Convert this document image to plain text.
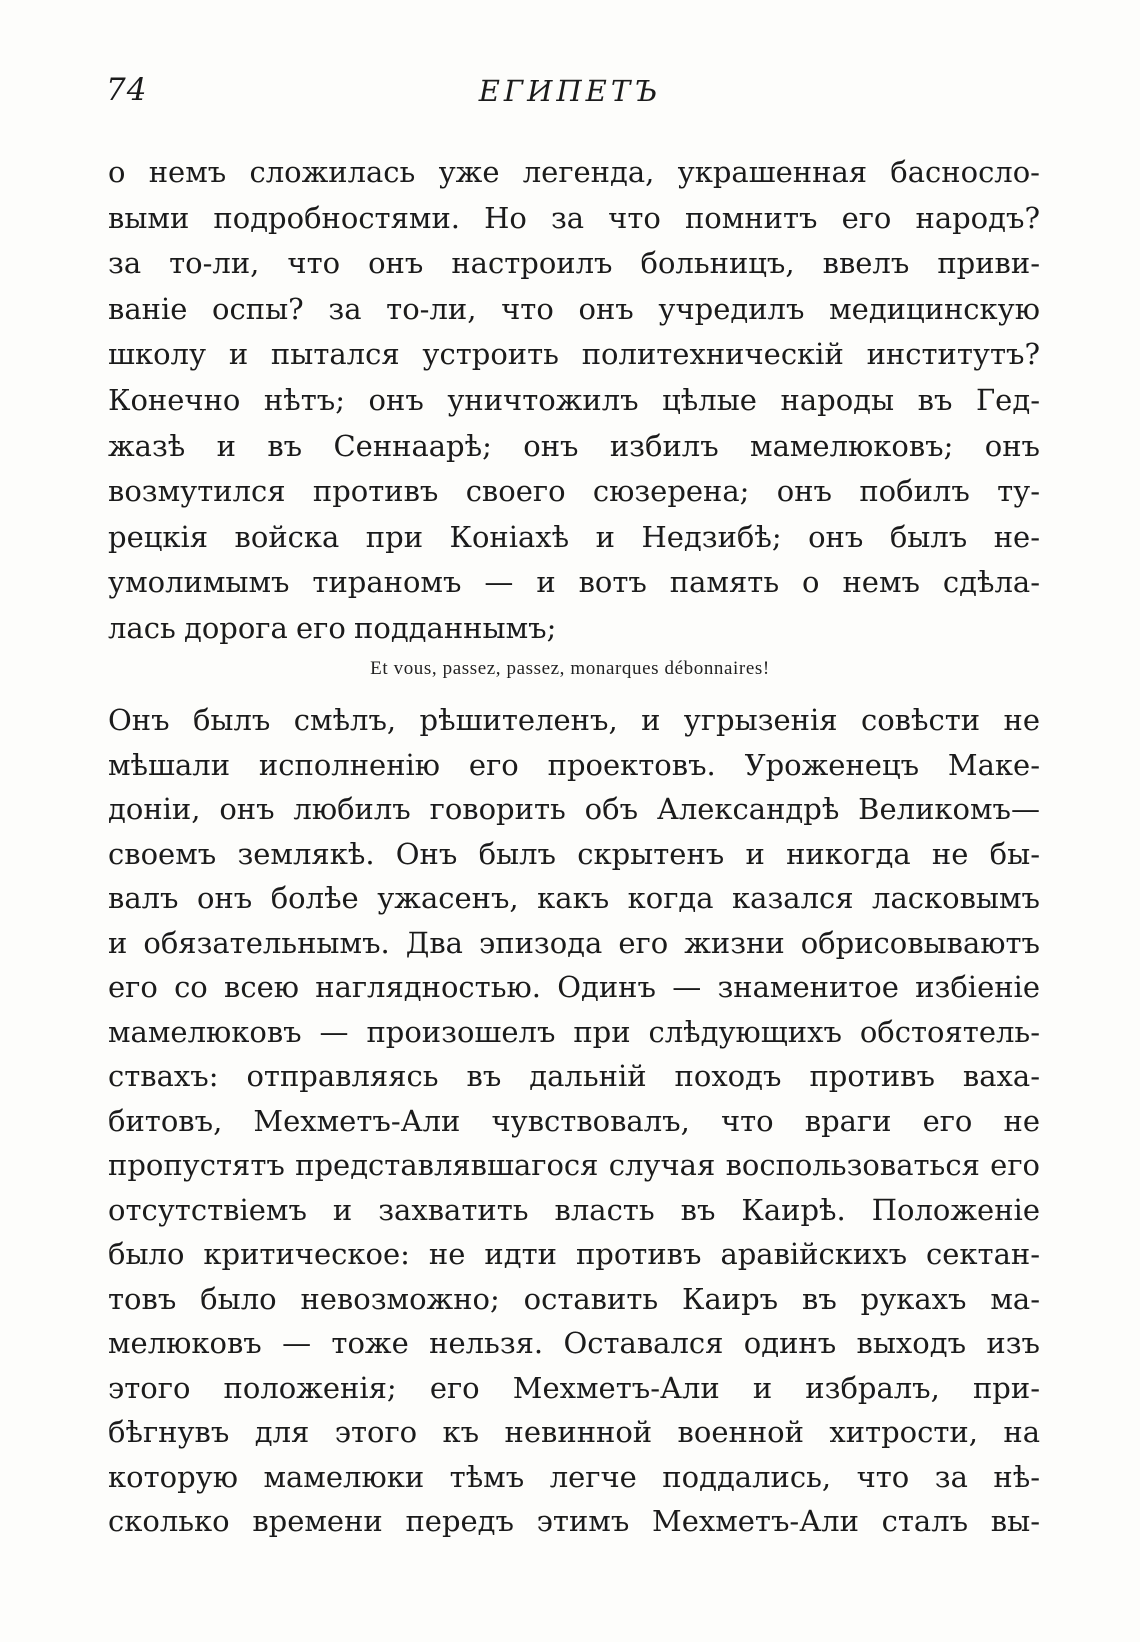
74	ЕГИПЕТЪ
о немъ сложилась уже легенда, украшенная басносло-
выми подробностями. Но за что помнитъ его народъ?
за то-ли, что онъ настроилъ больницъ, ввелъ приви-
ваніе оспы? за то-ли, что онъ учредилъ медицинскую
школу и пытался устроить политехническій институтъ?
Конечно нѣтъ; онъ уничтожилъ цѣлые народы въ Гед-
жазѣ и въ Сеннаарѣ; онъ избилъ мамелюковъ; онъ
возмутился противъ своего сюзерена; онъ побилъ ту-
рецкія войска при Коніахѣ и Недзибѣ; онъ былъ не-
умолимымъ тираномъ — и вотъ память о немъ сдѣла-
лась дорога его подданнымъ;
Et vous, passez, passez, monarques débonnaires!
Онъ былъ смѣлъ, рѣшителенъ, и угрызенія совѣсти не
мѣшали исполненію его проектовъ. Уроженецъ Маке-
доніи, онъ любилъ говорить объ Александрѣ Великомъ—
своемъ землякѣ. Онъ былъ скрытенъ и никогда не бы-
валъ онъ болѣе ужасенъ, какъ когда казался ласковымъ
и обязательнымъ. Два эпизода его жизни обрисовываютъ
его со всею наглядностью. Одинъ — знаменитое избіеніе
мамелюковъ — произошелъ при слѣдующихъ обстоятель-
ствахъ: отправляясь въ дальній походъ противъ ваха-
битовъ, Мехметъ-Али чувствовалъ, что враги его не
пропустятъ представлявшагося случая воспользоваться его
отсутствіемъ и захватить власть въ Каирѣ. Положеніе
было критическое: не идти противъ аравійскихъ сектан-
товъ было невозможно; оставить Каиръ въ рукахъ ма-
мелюковъ — тоже нельзя. Оставался одинъ выходъ изъ
этого положенія; его Мехметъ-Али и избралъ, при-
бѣгнувъ для этого къ невинной военной хитрости, на
которую мамелюки тѣмъ легче поддались, что за нѣ-
сколько времени передъ этимъ Мехметъ-Али сталъ вы-
